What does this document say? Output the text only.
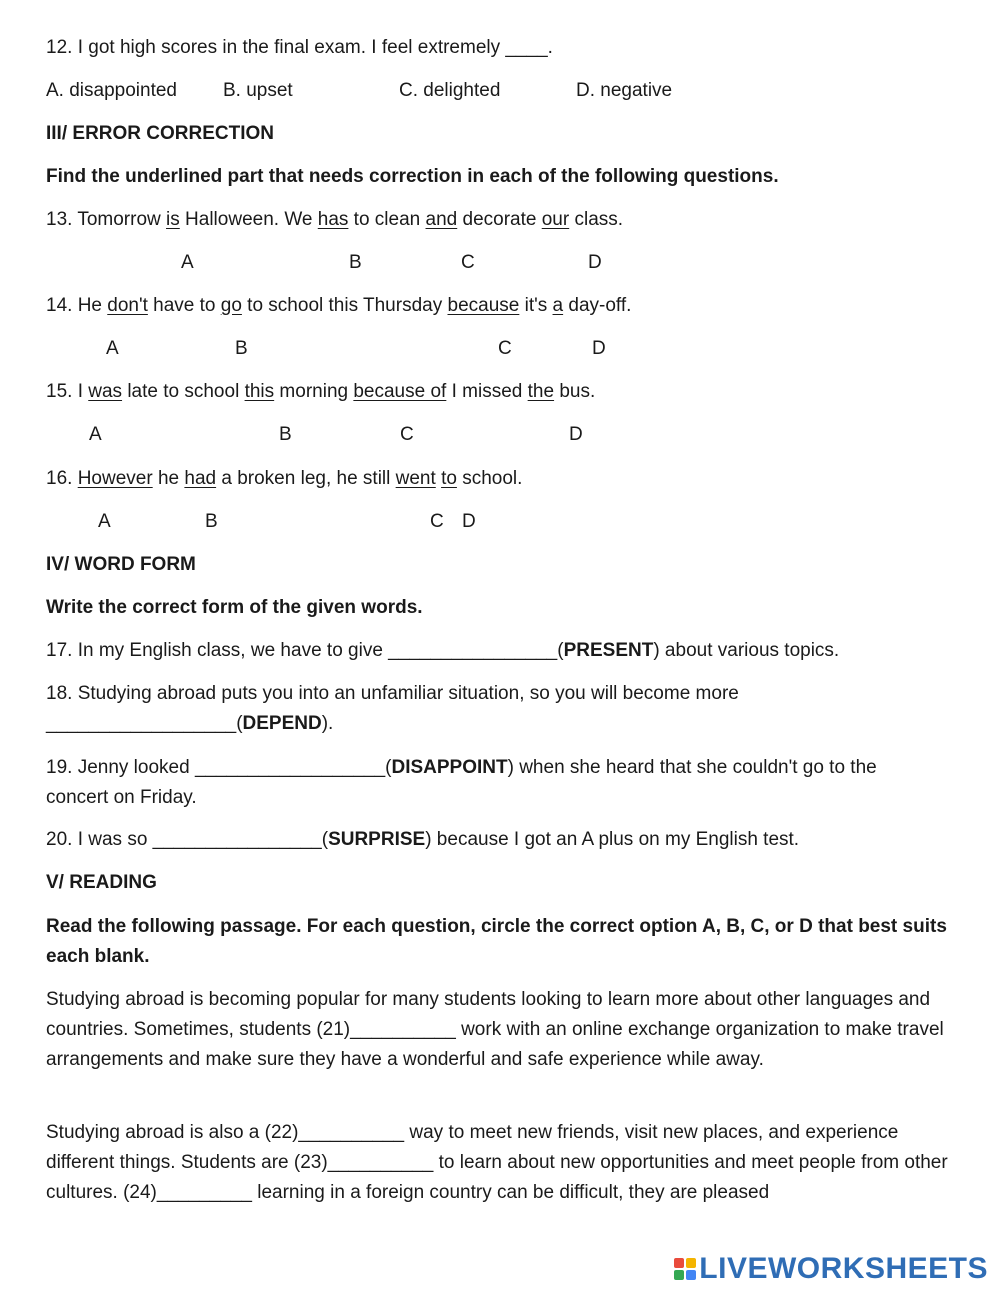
12. I got high scores in the final exam. I feel extremely ____.
A. disappointed B. upset	C. delighted	D. negative
III/ ERROR CORRECTION
Find the underlined part that needs correction in each of the following questions.
13. Tomorrow is Halloween. We has to clean and decorate our class.
A	B	C	D
14. He don't have to go to school this Thursday because it's a day-off.
A	B	C	D
15. I was late to school this morning because of I missed the bus.
A	B	C	D
16. However he had a broken leg, he still went to school.
A	B	C D
IV/ WORD FORM
Write the correct form of the given words.
17. In my English class, we have to give ________________(PRESENT) about various topics.
18. Studying abroad puts you into an unfamiliar situation, so you will become more
__________________(DEPEND).
19. Jenny looked __________________(DISAPPOINT) when she heard that she couldn't go to the
concert on Friday.
20. I was so ________________(SURPRISE) because I got an A plus on my English test.
V/ READING
Read the following passage. For each question, circle the correct option A, B, C, or D that best suits each blank.
Studying abroad is becoming popular for many students looking to learn more about other languages and countries. Sometimes, students (21)__________ work with an online exchange organization to make travel arrangements and make sure they have a wonderful and safe experience while away.
Studying abroad is also a (22)__________ way to meet new friends, visit new places, and experience different things. Students are (23)__________ to learn about new opportunities and meet people from other cultures. (24)_________ learning in a foreign country can be difficult, they are pleased
LIVEWORKSHEETS
